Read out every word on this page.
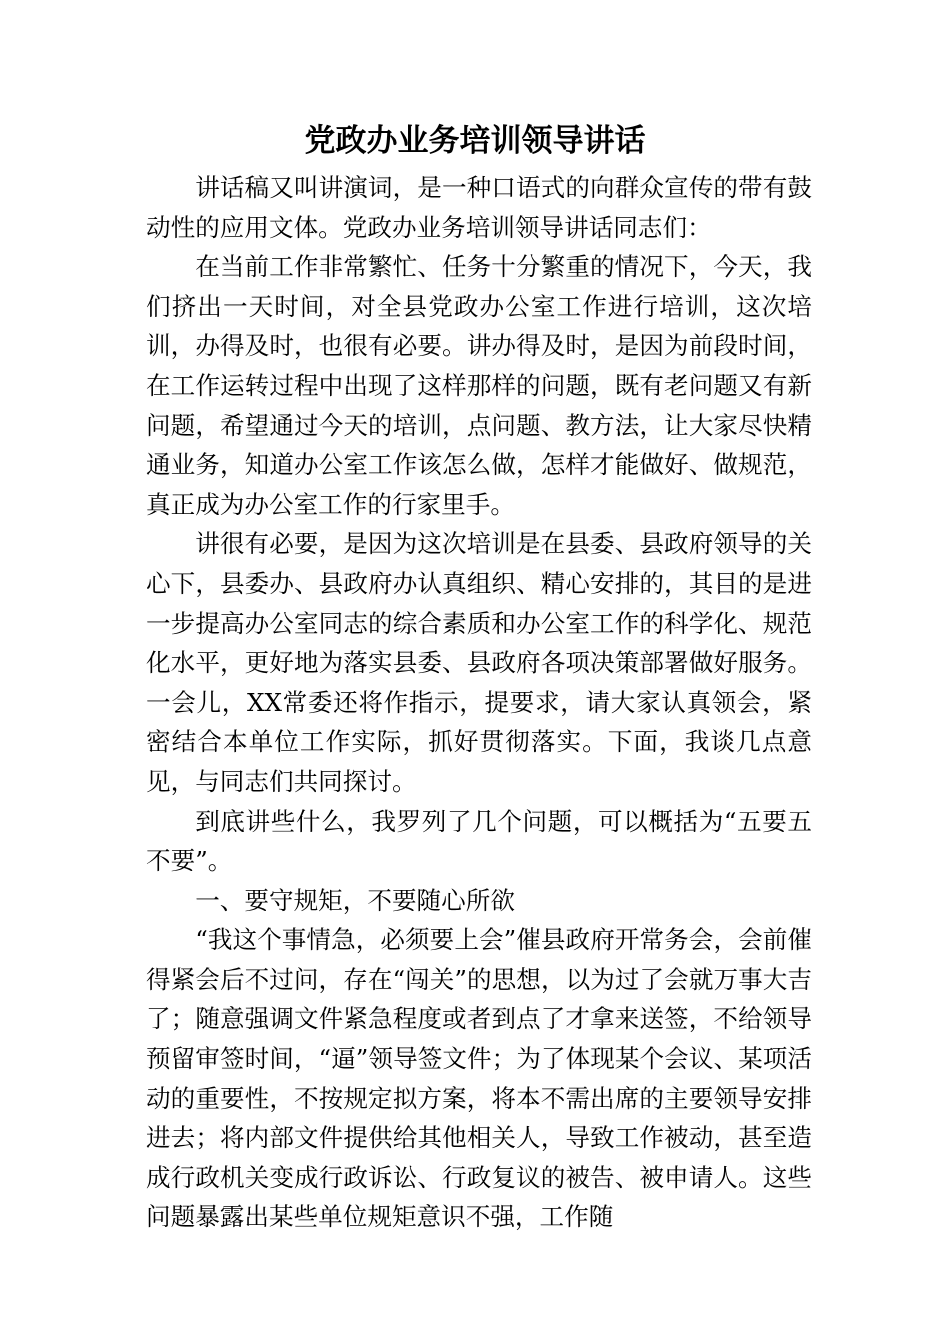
党政办业务培训领导讲话

讲话稿又叫讲演词，是一种口语式的向群众宣传的带有鼓动性的应用文体。党政办业务培训领导讲话同志们：

在当前工作非常繁忙、任务十分繁重的情况下，今天，我们挤出一天时间，对全县党政办公室工作进行培训，这次培训，办得及时，也很有必要。讲办得及时，是因为前段时间，在工作运转过程中出现了这样那样的问题，既有老问题又有新问题，希望通过今天的培训，点问题、教方法，让大家尽快精通业务，知道办公室工作该怎么做，怎样才能做好、做规范，真正成为办公室工作的行家里手。

讲很有必要，是因为这次培训是在县委、县政府领导的关心下，县委办、县政府办认真组织、精心安排的，其目的是进一步提高办公室同志的综合素质和办公室工作的科学化、规范化水平，更好地为落实县委、县政府各项决策部署做好服务。一会儿，XX常委还将作指示，提要求，请大家认真领会，紧密结合本单位工作实际，抓好贯彻落实。下面，我谈几点意见，与同志们共同探讨。

到底讲些什么，我罗列了几个问题，可以概括为“五要五不要”。

一、要守规矩，不要随心所欲

“我这个事情急，必须要上会”催县政府开常务会，会前催得紧会后不过问，存在“闯关”的思想，以为过了会就万事大吉了；随意强调文件紧急程度或者到点了才拿来送签，不给领导预留审签时间，“逼”领导签文件；为了体现某个会议、某项活动的重要性，不按规定拟方案，将本不需出席的主要领导安排进去；将内部文件提供给其他相关人，导致工作被动，甚至造成行政机关变成行政诉讼、行政复议的被告、被申请人。这些问题暴露出某些单位规矩意识不强，工作随
